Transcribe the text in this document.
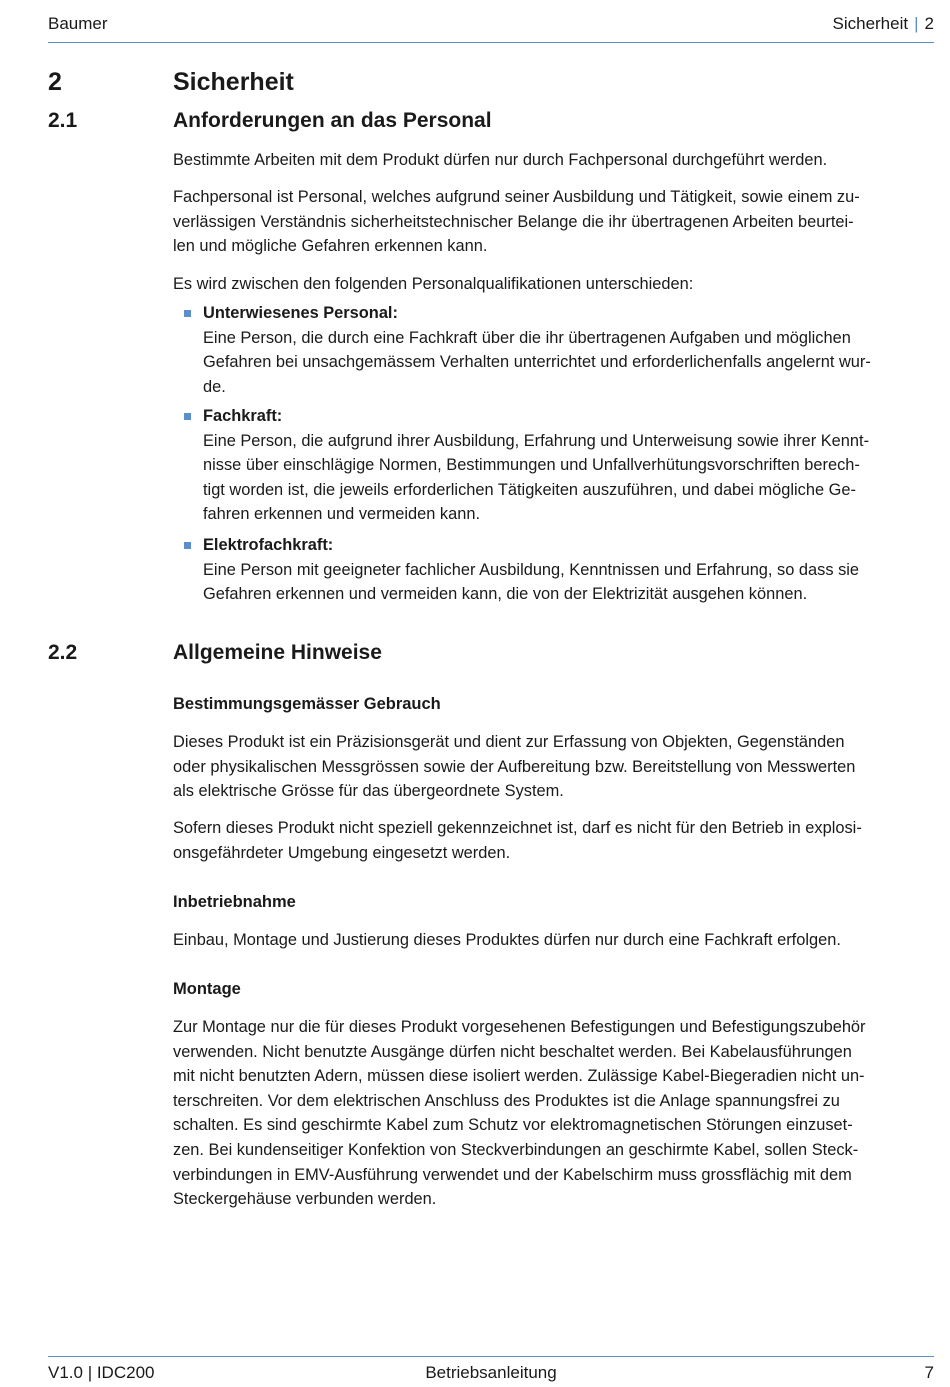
Baumer	Sicherheit | 2
2	Sicherheit
2.1	Anforderungen an das Personal

Bestimmte Arbeiten mit dem Produkt dürfen nur durch Fachpersonal durchgeführt werden.

Fachpersonal ist Personal, welches aufgrund seiner Ausbildung und Tätigkeit, sowie einem zu-
verlässigen Verständnis sicherheitstechnischer Belange die ihr übertragenen Arbeiten beurtei-
len und mögliche Gefahren erkennen kann.

Es wird zwischen den folgenden Personalqualifikationen unterschieden:

Unterwiesenes Personal:
Eine Person, die durch eine Fachkraft über die ihr übertragenen Aufgaben und möglichen
Gefahren bei unsachgemässem Verhalten unterrichtet und erforderlichenfalls angelernt wur-
de.
Fachkraft:
Eine Person, die aufgrund ihrer Ausbildung, Erfahrung und Unterweisung sowie ihrer Kennt-
nisse über einschlägige Normen, Bestimmungen und Unfallverhütungsvorschriften berech-
tigt worden ist, die jeweils erforderlichen Tätigkeiten auszuführen, und dabei mögliche Ge-
fahren erkennen und vermeiden kann.
Elektrofachkraft:
Eine Person mit geeigneter fachlicher Ausbildung, Kenntnissen und Erfahrung, so dass sie
Gefahren erkennen und vermeiden kann, die von der Elektrizität ausgehen können.
2.2	Allgemeine Hinweise
Bestimmungsgemässer Gebrauch

Dieses Produkt ist ein Präzisionsgerät und dient zur Erfassung von Objekten, Gegenständen
oder physikalischen Messgrössen sowie der Aufbereitung bzw. Bereitstellung von Messwerten
als elektrische Grösse für das übergeordnete System.

Sofern dieses Produkt nicht speziell gekennzeichnet ist, darf es nicht für den Betrieb in explosi-
onsgefährdeter Umgebung eingesetzt werden.

Inbetriebnahme

Einbau, Montage und Justierung dieses Produktes dürfen nur durch eine Fachkraft erfolgen.

Montage

Zur Montage nur die für dieses Produkt vorgesehenen Befestigungen und Befestigungszubehör
verwenden. Nicht benutzte Ausgänge dürfen nicht beschaltet werden. Bei Kabelausführungen
mit nicht benutzten Adern, müssen diese isoliert werden. Zulässige Kabel-Biegeradien nicht un-
terschreiten. Vor dem elektrischen Anschluss des Produktes ist die Anlage spannungsfrei zu
schalten. Es sind geschirmte Kabel zum Schutz vor elektromagnetischen Störungen einzuset-
zen. Bei kundenseitiger Konfektion von Steckverbindungen an geschirmte Kabel, sollen Steck-
verbindungen in EMV-Ausführung verwendet und der Kabelschirm muss grossflächig mit dem
Steckergehäuse verbunden werden.

V1.0 | IDC200	Betriebsanleitung	7
